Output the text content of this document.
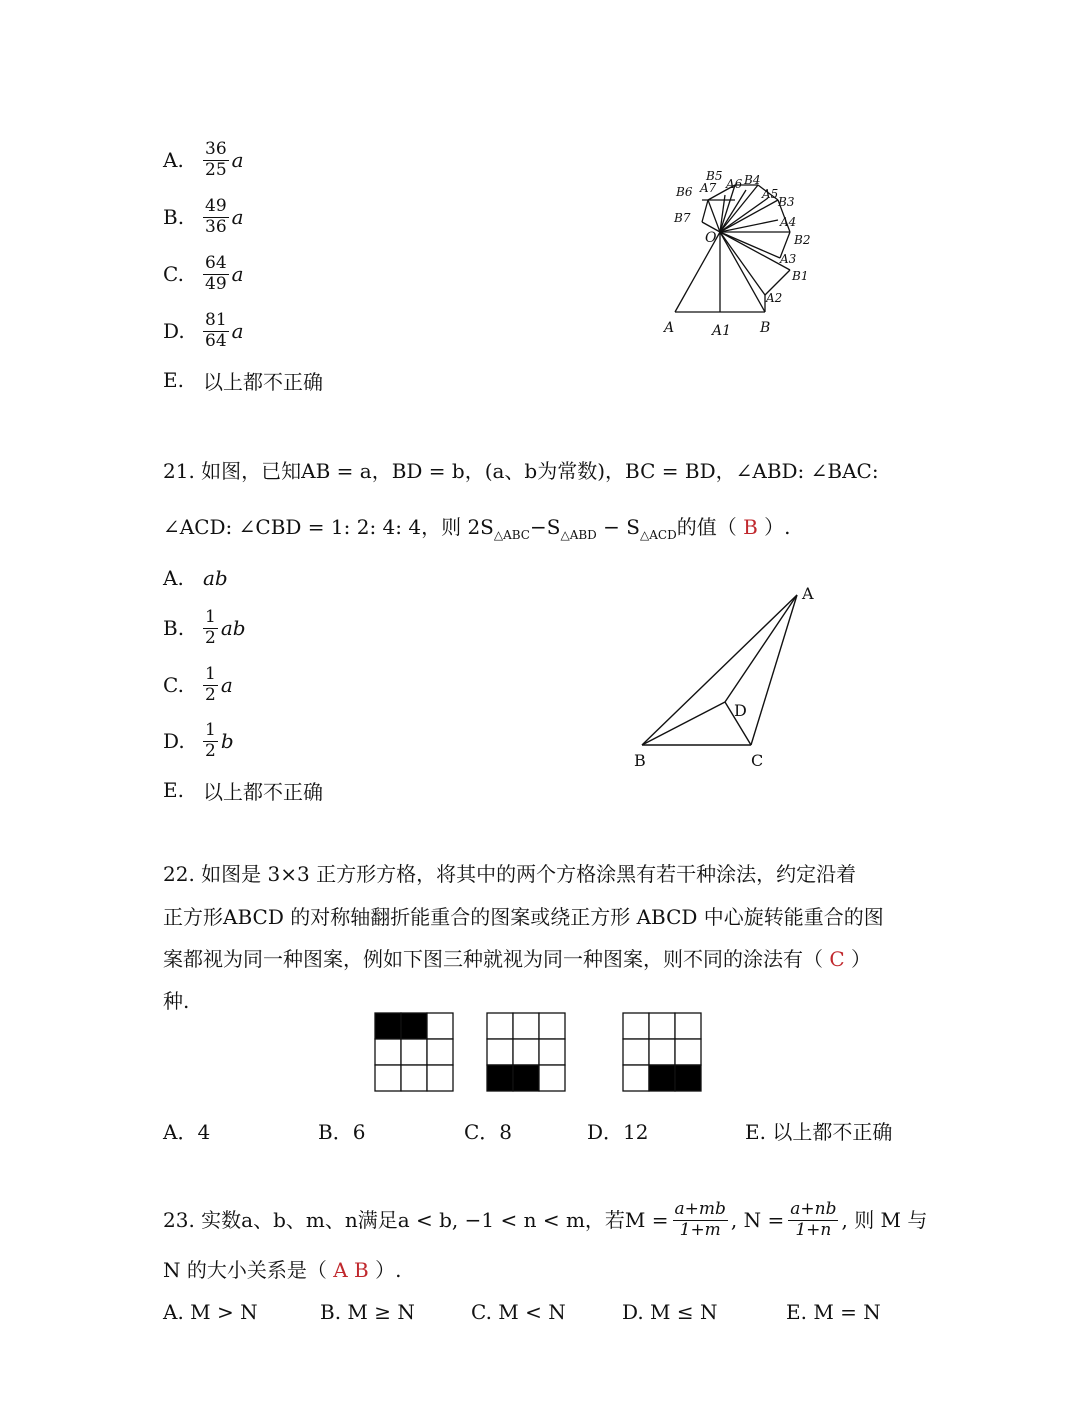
A.	$\frac{36}{25}$ a
B.	$\frac{49}{36}$ a
C.	$\frac{64}{49}$ a
D.	$\frac{81}{64}$ a
E. 以上都不正确
O
A	A1 B
A2
B1
A3
B2
A4
B3
A5
B4
A6
B5
A7
B6
B7
21. 如图，已知AB = a，BD = b，(a、b为常数)，BC = BD，∠ABD: ∠BAC:
∠ACD: ∠CBD = 1: 2: 4: 4，则 $2S_{\triangle ABC}-S_{\triangle ABD} - S_{\triangle ACD}$的值（ B ）.
A. ab
B.	$\frac{1}{2}$ ab
C.	$\frac{1}{2}$ a
D.	$\frac{1}{2}$ b
E. 以上都不正确
A
B	C
D
22. 如图是 3×3 正方形方格，将其中的两个方格涂黑有若干种涂法，约定沿着
正方形ABCD 的对称轴翻折能重合的图案或绕正方形 ABCD 中心旋转能重合的图
案都视为同一种图案，例如下图三种就视为同一种图案，则不同的涂法有（ C ）
种.
A．4	B．6	C．8	D．12	E. 以上都不正确
23. 实数a、b、m、n满足a < b, −1 < n < m，若$M = \frac{a+mb}{1+m}$ , $N = \frac{a+nb}{1+n}$ , 则 M 与
N 的大小关系是（ A B ）.
A. M > N	B. M ≥ N	C. M < N	D. M ≤ N	E. M = N
